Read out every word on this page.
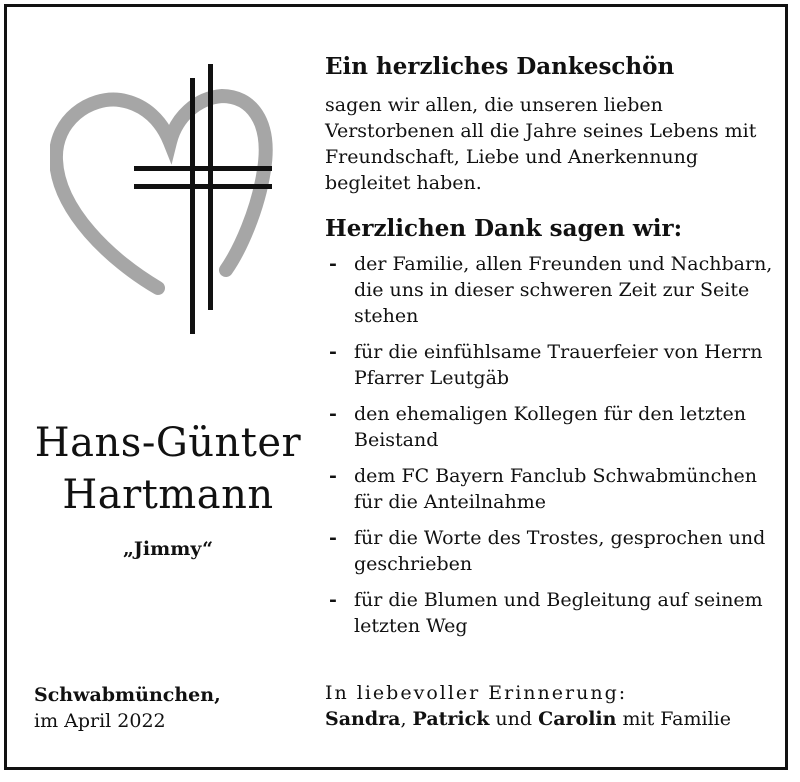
Hans-Günter
Hartmann
„Jimmy“
Schwabmünchen,
im April 2022
Ein herzliches Dankeschön

sagen wir allen, die unseren lieben Verstorbenen all die Jahre seines Lebens mit Freundschaft, Liebe und Anerkennung begleitet haben.

Herzlichen Dank sagen wir:
- der Familie, allen Freunden und Nachbarn, die uns in dieser schweren Zeit zur Seite stehen
- für die einfühlsame Trauerfeier von Herrn Pfarrer Leutgäb
- den ehemaligen Kollegen für den letzten Beistand
- dem FC Bayern Fanclub Schwabmünchen für die Anteilnahme
- für die Worte des Trostes, gesprochen und geschrieben
- für die Blumen und Begleitung auf seinem letzten Weg
In liebevoller Erinnerung:
Sandra, Patrick und Carolin mit Familie
